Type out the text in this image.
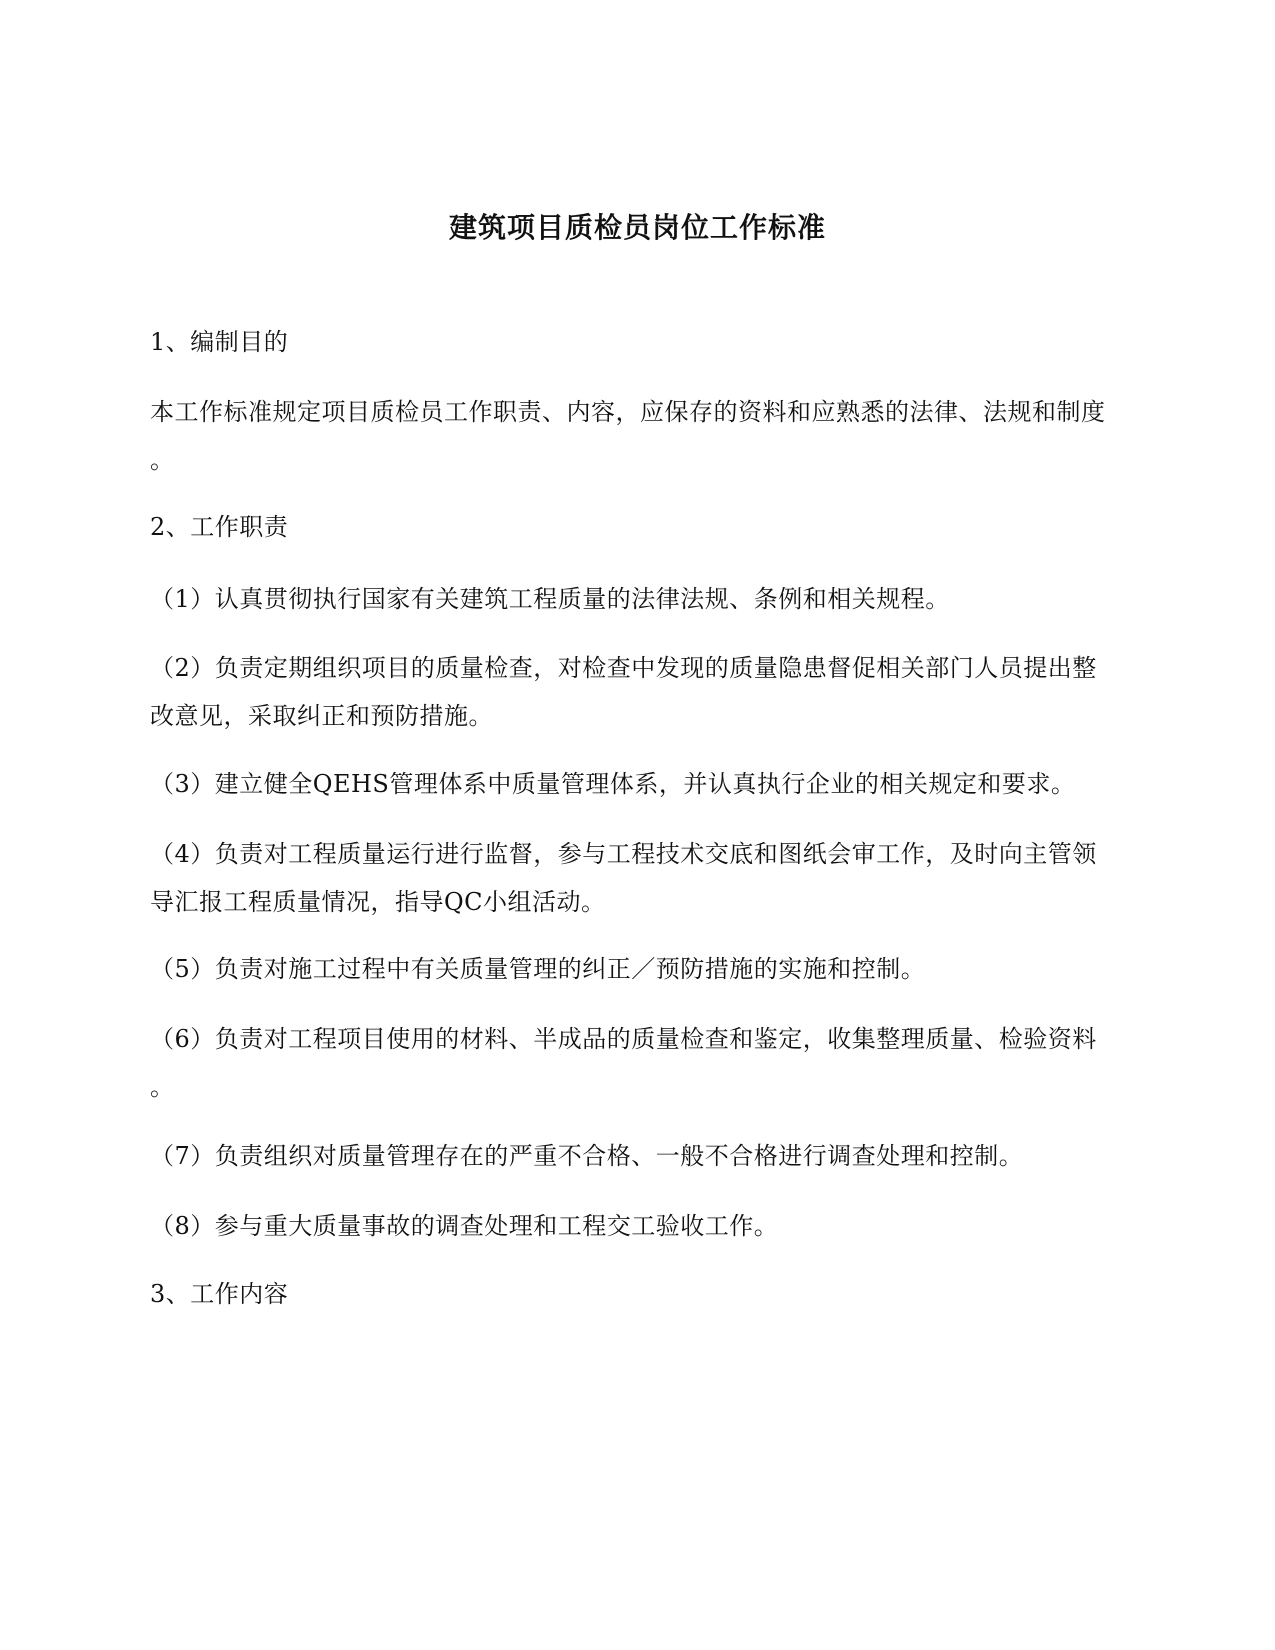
建筑项目质检员岗位工作标准
1、编制目的
本工作标准规定项目质检员工作职责、内容，应保存的资料和应熟悉的法律、法规和制度
。
2、工作职责
（1）认真贯彻执行国家有关建筑工程质量的法律法规、条例和相关规程。
（2）负责定期组织项目的质量检查，对检查中发现的质量隐患督促相关部门人员提出整
改意见，采取纠正和预防措施。
（3）建立健全QEHS管理体系中质量管理体系，并认真执行企业的相关规定和要求。
（4）负责对工程质量运行进行监督，参与工程技术交底和图纸会审工作，及时向主管领
导汇报工程质量情况，指导QC小组活动。
（5）负责对施工过程中有关质量管理的纠正／预防措施的实施和控制。
（6）负责对工程项目使用的材料、半成品的质量检查和鉴定，收集整理质量、检验资料
。
（7）负责组织对质量管理存在的严重不合格、一般不合格进行调查处理和控制。
（8）参与重大质量事故的调查处理和工程交工验收工作。
3、工作内容
